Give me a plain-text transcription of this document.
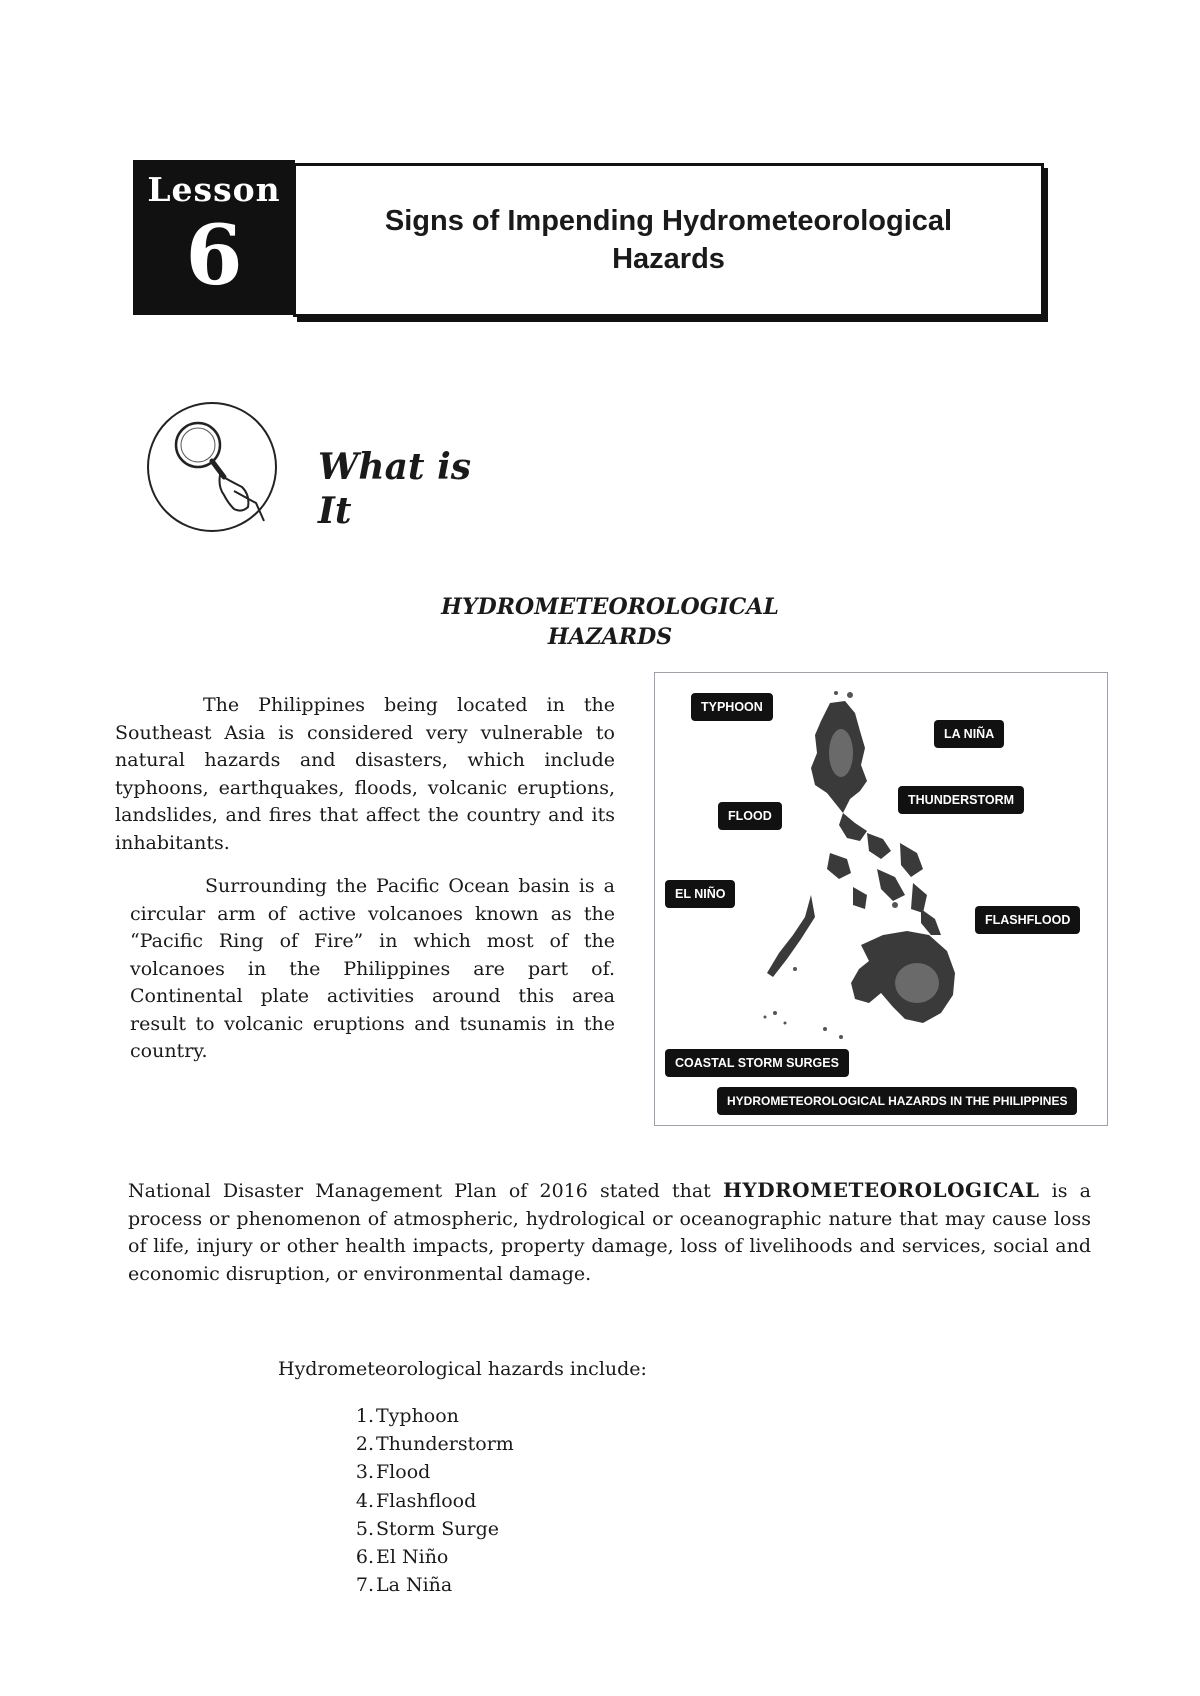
Lesson
6	Signs of Impending Hydrometeorological Hazards
What is
It
HYDROMETEOROLOGICAL
HAZARDS

The Philippines being located in the Southeast Asia is considered very vulnerable to natural hazards and disasters, which include typhoons, earthquakes, floods, volcanic eruptions, landslides, and fires that affect the country and its inhabitants.

Surrounding the Pacific Ocean basin is a circular arm of active volcanoes known as the “Pacific Ring of Fire” in which most of the volcanoes in the Philippines are part of. Continental plate activities around this area result to volcanic eruptions and tsunamis in the country.

TYPHOON
LA NIÑA
THUNDERSTORM
FLOOD
EL NIÑO
FLASHFLOOD
COASTAL STORM SURGES
HYDROMETEOROLOGICAL HAZARDS IN THE PHILIPPINES

National Disaster Management Plan of 2016 stated that HYDROMETEOROLOGICAL is a process or phenomenon of atmospheric, hydrological or oceanographic nature that may cause loss of life, injury or other health impacts, property damage, loss of livelihoods and services, social and economic disruption, or environmental damage.

Hydrometeorological hazards include:
1. Typhoon
2. Thunderstorm
3. Flood
4. Flashflood
5. Storm Surge
6. El Niño
7. La Niña
